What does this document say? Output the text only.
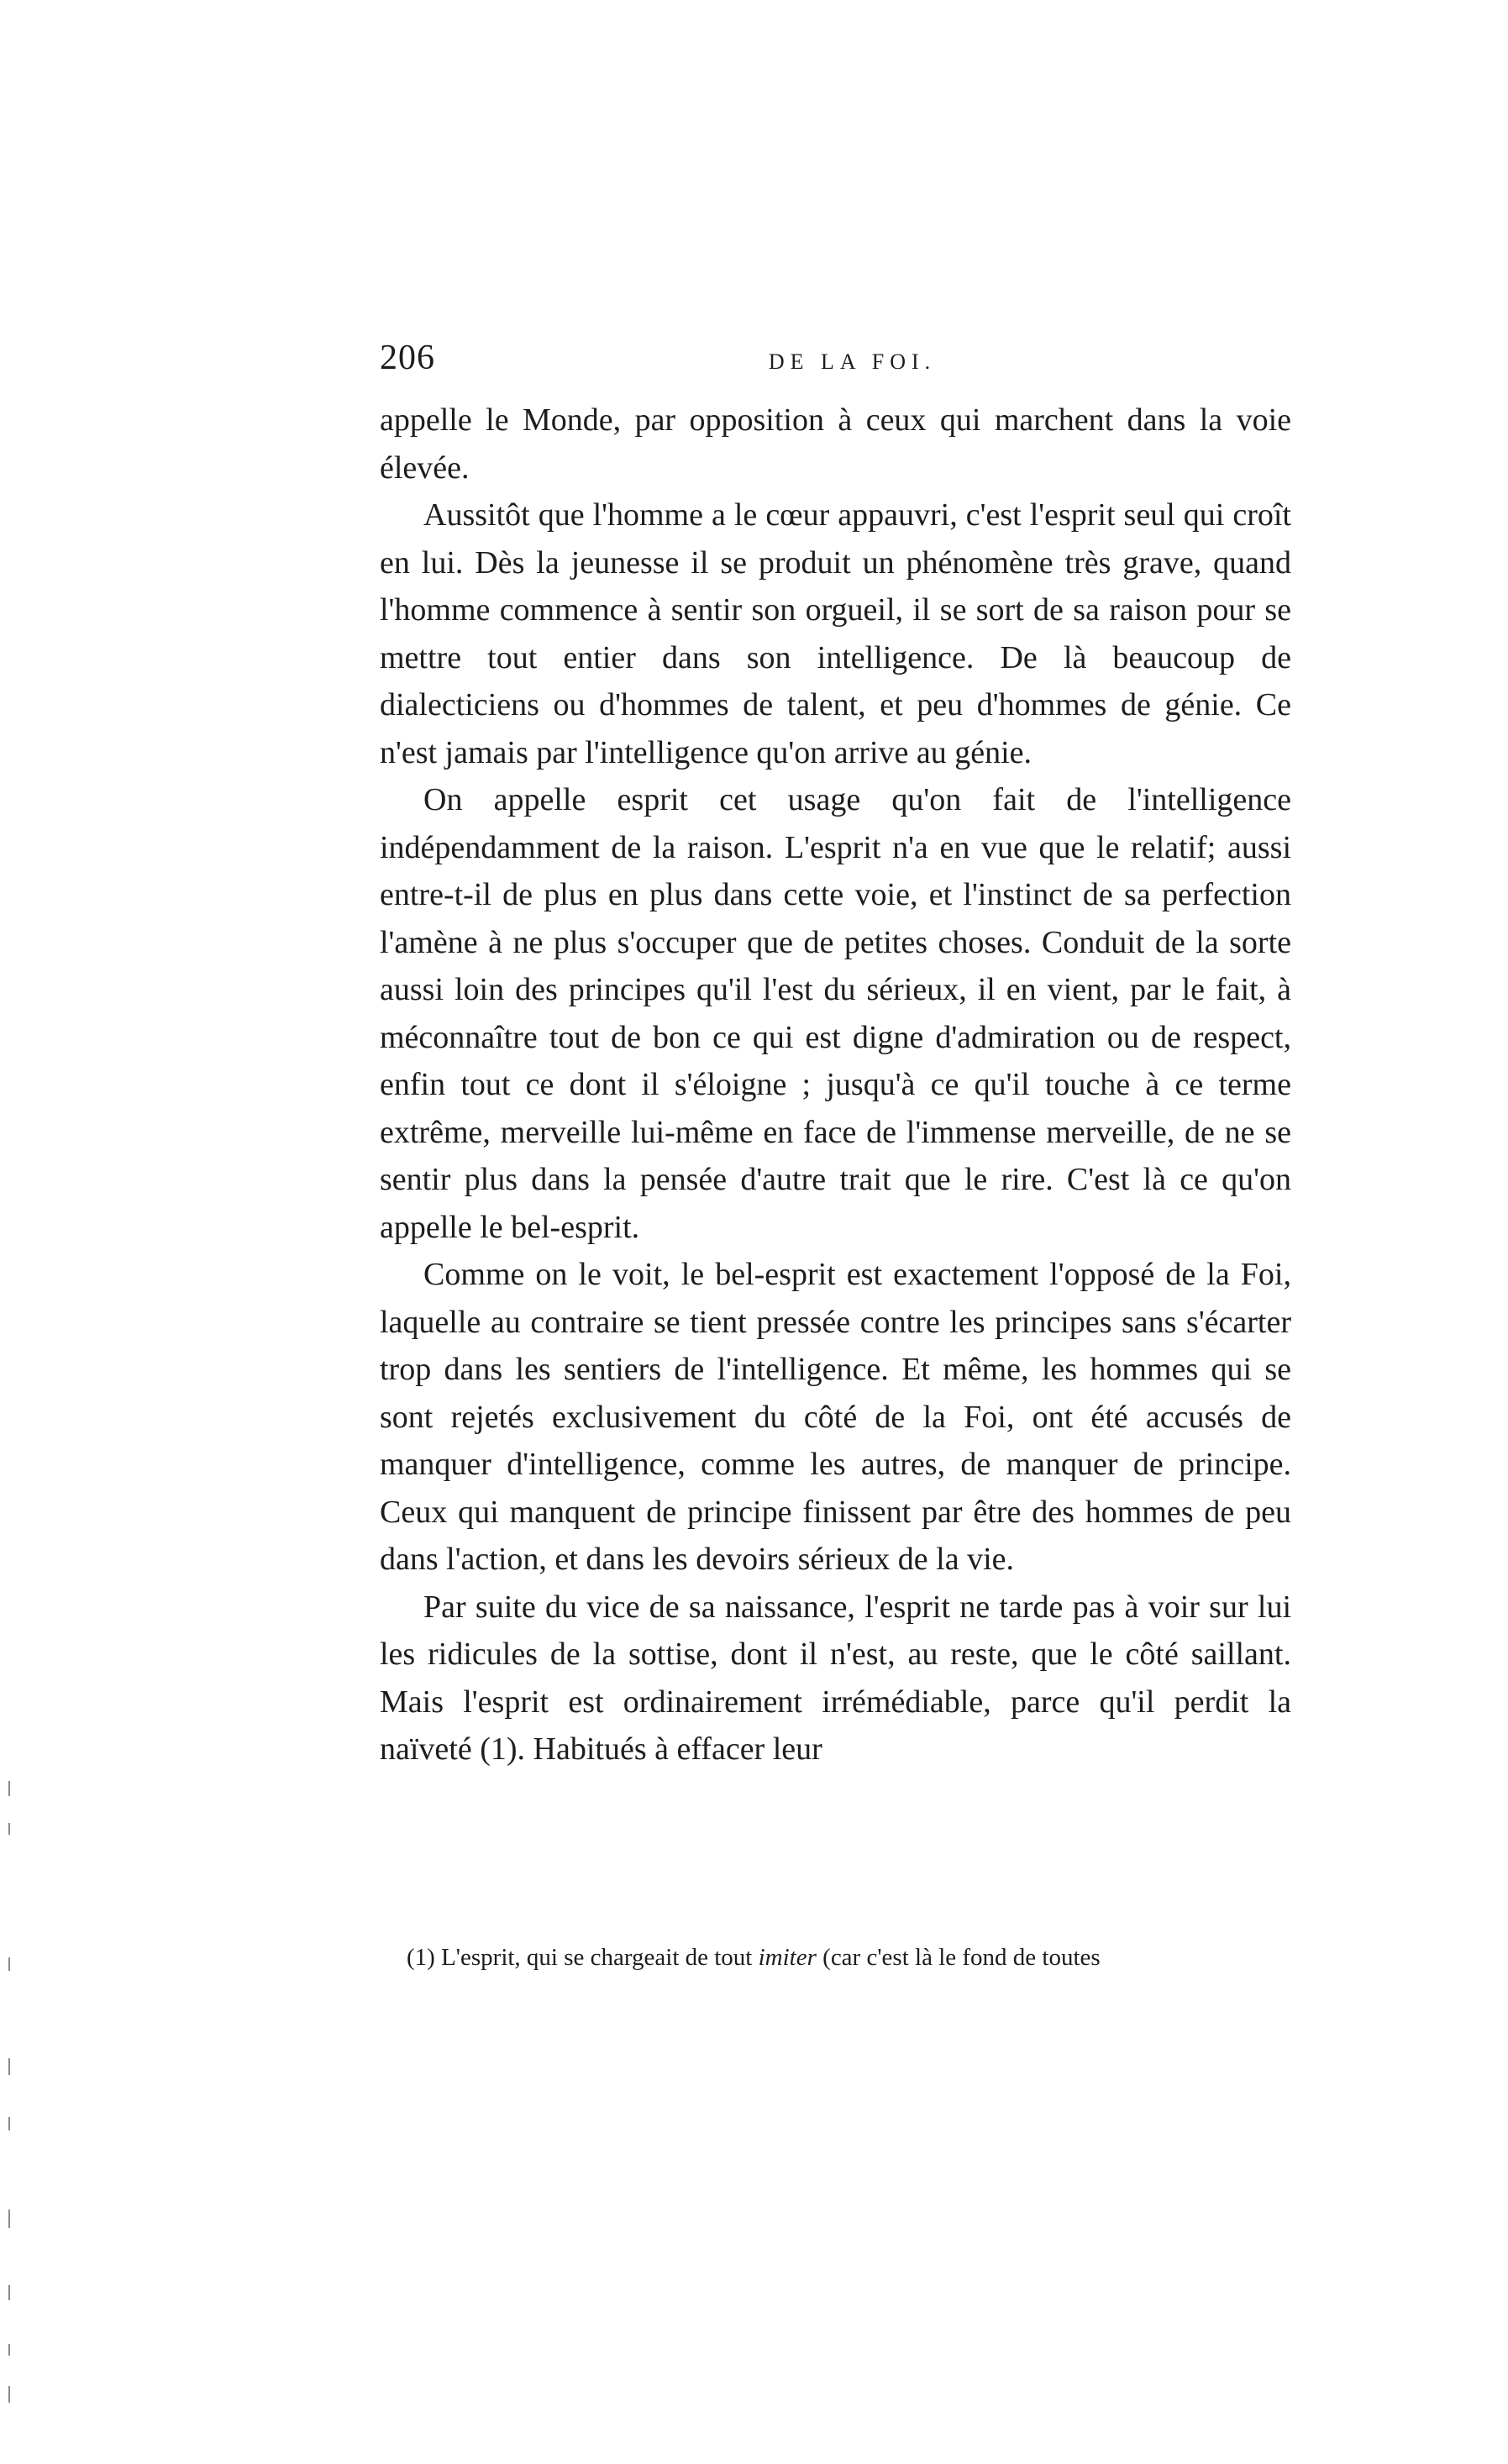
206	DE LA FOI.

appelle le Monde, par opposition à ceux qui marchent dans la voie élevée.

Aussitôt que l'homme a le cœur appauvri, c'est l'esprit seul qui croît en lui. Dès la jeunesse il se produit un phénomène très grave, quand l'homme commence à sentir son orgueil, il se sort de sa raison pour se mettre tout entier dans son intelligence. De là beaucoup de dialecticiens ou d'hommes de talent, et peu d'hommes de génie. Ce n'est jamais par l'intelligence qu'on arrive au génie.

On appelle esprit cet usage qu'on fait de l'intelligence indépendamment de la raison. L'esprit n'a en vue que le relatif; aussi entre-t-il de plus en plus dans cette voie, et l'instinct de sa perfection l'amène à ne plus s'occuper que de petites choses. Conduit de la sorte aussi loin des principes qu'il l'est du sérieux, il en vient, par le fait, à méconnaître tout de bon ce qui est digne d'admiration ou de respect, enfin tout ce dont il s'éloigne ; jusqu'à ce qu'il touche à ce terme extrême, merveille lui-même en face de l'immense merveille, de ne se sentir plus dans la pensée d'autre trait que le rire. C'est là ce qu'on appelle le bel-esprit.

Comme on le voit, le bel-esprit est exactement l'opposé de la Foi, laquelle au contraire se tient pressée contre les principes sans s'écarter trop dans les sentiers de l'intelligence. Et même, les hommes qui se sont rejetés exclusivement du côté de la Foi, ont été accusés de manquer d'intelligence, comme les autres, de manquer de principe. Ceux qui manquent de principe finissent par être des hommes de peu dans l'action, et dans les devoirs sérieux de la vie.

Par suite du vice de sa naissance, l'esprit ne tarde pas à voir sur lui les ridicules de la sottise, dont il n'est, au reste, que le côté saillant. Mais l'esprit est ordinairement irrémédiable, parce qu'il perdit la naïveté (1). Habitués à effacer leur

(1) L'esprit, qui se chargeait de tout imiter (car c'est là le fond de toutes
